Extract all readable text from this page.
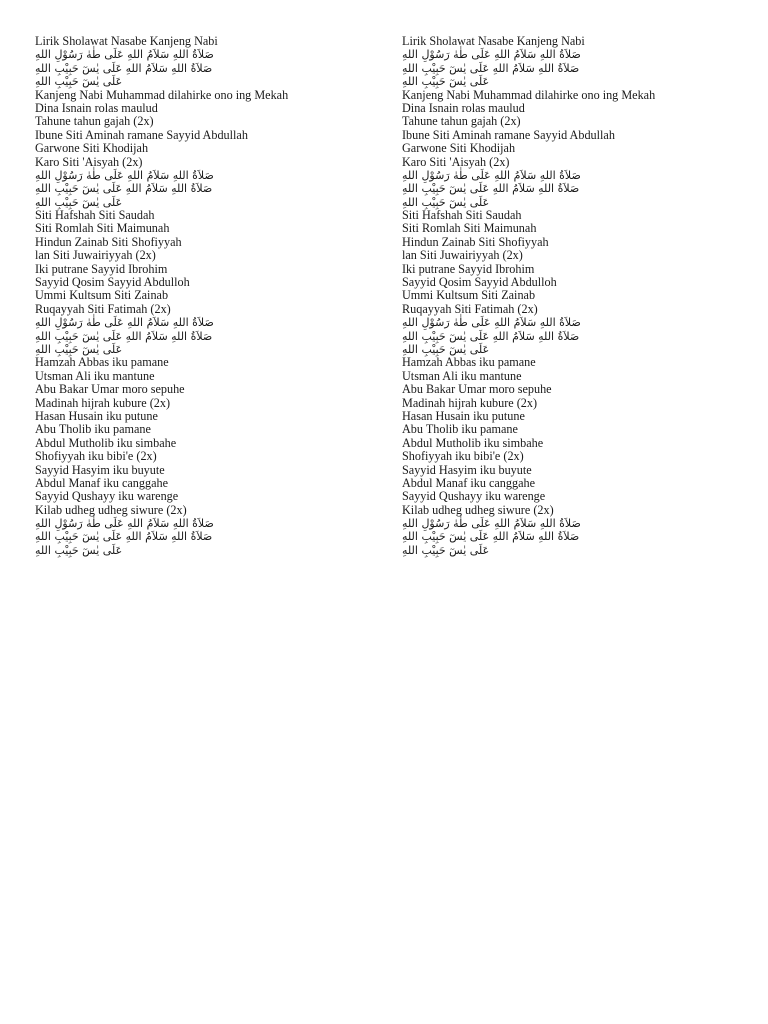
Lirik Sholawat Nasabe Kanjeng Nabi
صَلاَةُ اللهِ سَلاَمُ اللهِ عَلَى طٰهٰ رَسُوْلِ اللهِ
صَلاَةُ اللهِ سَلاَمُ اللهِ عَلَى يٰسٓ حَبِيْبِ اللهِ
عَلَى يٰسٓ حَبِيْبِ اللهِ
Kanjeng Nabi Muhammad dilahirke ono ing Mekah
Dina Isnain rolas maulud
Tahune tahun gajah (2x)
Ibune Siti Aminah ramane Sayyid Abdullah
Garwone Siti Khodijah
Karo Siti 'Aisyah (2x)
صَلاَةُ اللهِ سَلاَمُ اللهِ عَلَى طٰهٰ رَسُوْلِ اللهِ
صَلاَةُ اللهِ سَلاَمُ اللهِ عَلَى يٰسٓ حَبِيْبِ اللهِ
عَلَى يٰسٓ حَبِيْبِ اللهِ
Siti Hafshah Siti Saudah
Siti Romlah Siti Maimunah
Hindun Zainab Siti Shofiyyah
lan Siti Juwairiyyah (2x)
Iki putrane Sayyid Ibrohim
Sayyid Qosim Sayyid Abdulloh
Ummi Kultsum Siti Zainab
Ruqayyah Siti Fatimah (2x)
صَلاَةُ اللهِ سَلاَمُ اللهِ عَلَى طٰهٰ رَسُوْلِ اللهِ
صَلاَةُ اللهِ سَلاَمُ اللهِ عَلَى يٰسٓ حَبِيْبِ اللهِ
عَلَى يٰسٓ حَبِيْبِ اللهِ
Hamzah Abbas iku pamane
Utsman Ali iku mantune
Abu Bakar Umar moro sepuhe
Madinah hijrah kubure (2x)
Hasan Husain iku putune
Abu Tholib iku pamane
Abdul Mutholib iku simbahe
Shofiyyah iku bibi'e (2x)
Sayyid Hasyim iku buyute
Abdul Manaf iku canggahe
Sayyid Qushayy iku warenge
Kilab udheg udheg siwure (2x)
صَلاَةُ اللهِ سَلاَمُ اللهِ عَلَى طٰهٰ رَسُوْلِ اللهِ
صَلاَةُ اللهِ سَلاَمُ اللهِ عَلَى يٰسٓ حَبِيْبِ اللهِ
عَلَى يٰسٓ حَبِيْبِ اللهِ
Lirik Sholawat Nasabe Kanjeng Nabi
صَلاَةُ اللهِ سَلاَمُ اللهِ عَلَى طٰهٰ رَسُوْلِ اللهِ
صَلاَةُ اللهِ سَلاَمُ اللهِ عَلَى يٰسٓ حَبِيْبِ اللهِ
عَلَى يٰسٓ حَبِيْبِ اللهِ
Kanjeng Nabi Muhammad dilahirke ono ing Mekah
Dina Isnain rolas maulud
Tahune tahun gajah (2x)
Ibune Siti Aminah ramane Sayyid Abdullah
Garwone Siti Khodijah
Karo Siti 'Aisyah (2x)
صَلاَةُ اللهِ سَلاَمُ اللهِ عَلَى طٰهٰ رَسُوْلِ اللهِ
صَلاَةُ اللهِ سَلاَمُ اللهِ عَلَى يٰسٓ حَبِيْبِ اللهِ
عَلَى يٰسٓ حَبِيْبِ اللهِ
Siti Hafshah Siti Saudah
Siti Romlah Siti Maimunah
Hindun Zainab Siti Shofiyyah
lan Siti Juwairiyyah (2x)
Iki putrane Sayyid Ibrohim
Sayyid Qosim Sayyid Abdulloh
Ummi Kultsum Siti Zainab
Ruqayyah Siti Fatimah (2x)
صَلاَةُ اللهِ سَلاَمُ اللهِ عَلَى طٰهٰ رَسُوْلِ اللهِ
صَلاَةُ اللهِ سَلاَمُ اللهِ عَلَى يٰسٓ حَبِيْبِ اللهِ
عَلَى يٰسٓ حَبِيْبِ اللهِ
Hamzah Abbas iku pamane
Utsman Ali iku mantune
Abu Bakar Umar moro sepuhe
Madinah hijrah kubure (2x)
Hasan Husain iku putune
Abu Tholib iku pamane
Abdul Mutholib iku simbahe
Shofiyyah iku bibi'e (2x)
Sayyid Hasyim iku buyute
Abdul Manaf iku canggahe
Sayyid Qushayy iku warenge
Kilab udheg udheg siwure (2x)
صَلاَةُ اللهِ سَلاَمُ اللهِ عَلَى طٰهٰ رَسُوْلِ اللهِ
صَلاَةُ اللهِ سَلاَمُ اللهِ عَلَى يٰسٓ حَبِيْبِ اللهِ
عَلَى يٰسٓ حَبِيْبِ اللهِ
